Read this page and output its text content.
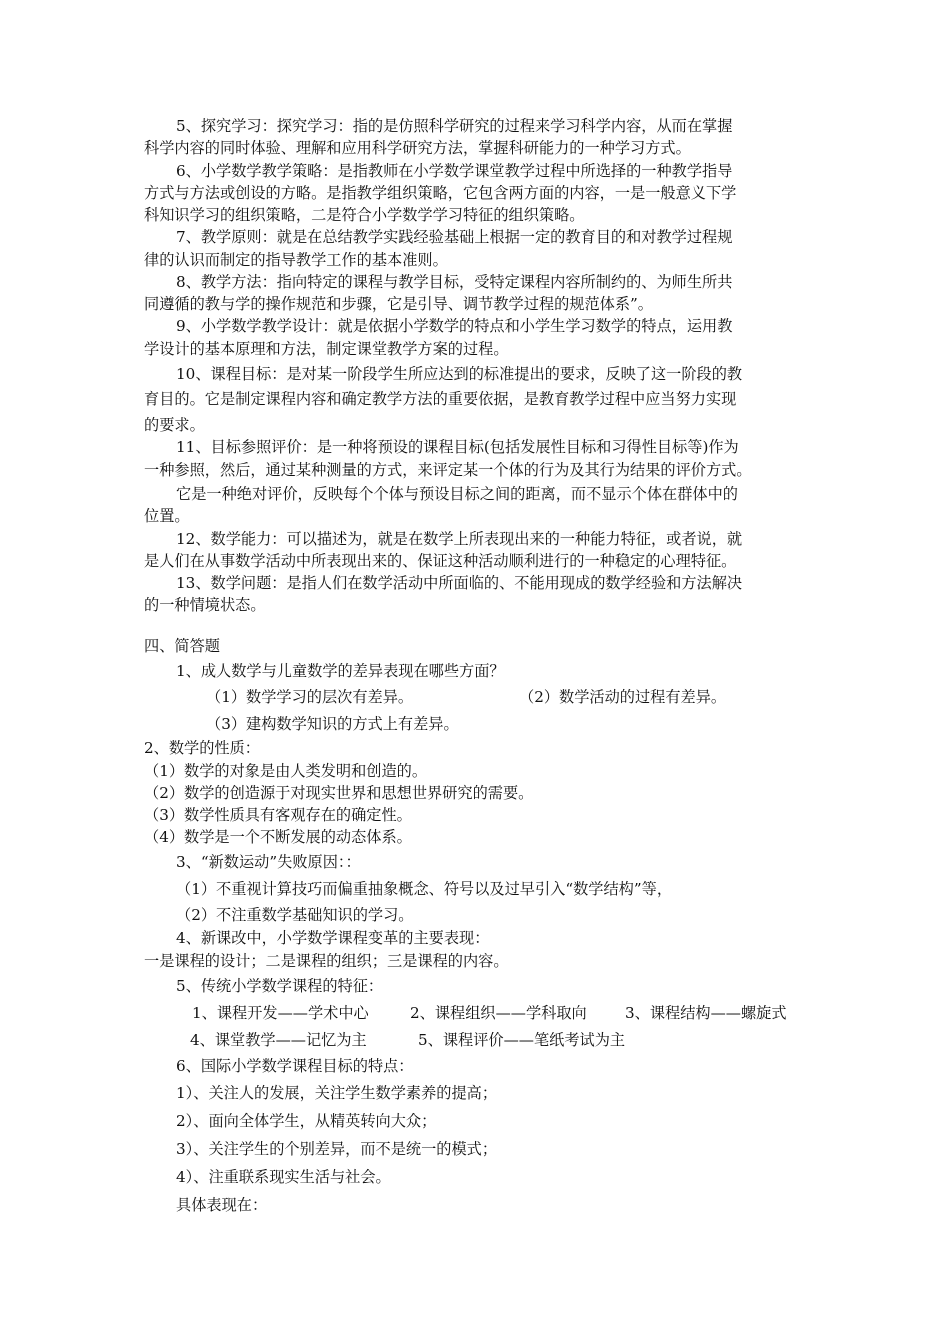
5、探究学习：探究学习：指的是仿照科学研究的过程来学习科学内容，从而在掌握
科学内容的同时体验、理解和应用科学研究方法，掌握科研能力的一种学习方式。
6、小学数学教学策略：是指教师在小学数学课堂教学过程中所选择的一种教学指导
方式与方法或创设的方略。是指教学组织策略，它包含两方面的内容，一是一般意义下学
科知识学习的组织策略，二是符合小学数学学习特征的组织策略。
7、教学原则：就是在总结教学实践经验基础上根据一定的教育目的和对教学过程规
律的认识而制定的指导教学工作的基本准则。
8、教学方法：指向特定的课程与教学目标，受特定课程内容所制约的、为师生所共
同遵循的教与学的操作规范和步骤，它是引导、调节教学过程的规范体系”。
9、小学数学教学设计：就是依据小学数学的特点和小学生学习数学的特点，运用教
学设计的基本原理和方法，制定课堂教学方案的过程。
10、课程目标：是对某一阶段学生所应达到的标准提出的要求，反映了这一阶段的教
育目的。它是制定课程内容和确定教学方法的重要依据，是教育教学过程中应当努力实现
的要求。
11、目标参照评价：是一种将预设的课程目标(包括发展性目标和习得性目标等)作为
一种参照，然后，通过某种测量的方式，来评定某一个体的行为及其行为结果的评价方式。
它是一种绝对评价，反映每个个体与预设目标之间的距离，而不显示个体在群体中的
位置。
12、数学能力：可以描述为，就是在数学上所表现出来的一种能力特征，或者说，就
是人们在从事数学活动中所表现出来的、保证这种活动顺利进行的一种稳定的心理特征。
13、数学问题：是指人们在数学活动中所面临的、不能用现成的数学经验和方法解决
的一种情境状态。
四、简答题
1、成人数学与儿童数学的差异表现在哪些方面？
（1）数学学习的层次有差异。	（2）数学活动的过程有差异。
（3）建构数学知识的方式上有差异。
2、数学的性质：
（1）数学的对象是由人类发明和创造的。
（2）数学的创造源于对现实世界和思想世界研究的需要。
（3）数学性质具有客观存在的确定性。
（4）数学是一个不断发展的动态体系。
3、“新数运动”失败原因：：
（1）不重视计算技巧而偏重抽象概念、符号以及过早引入“数学结构”等，
（2）不注重数学基础知识的学习。
4、新课改中，小学数学课程变革的主要表现：
一是课程的设计；二是课程的组织；三是课程的内容。
5、传统小学数学课程的特征：
1、课程开发——学术中心	2、课程组织——学科取向	3、课程结构——螺旋式
4、课堂教学——记忆为主	5、课程评价——笔纸考试为主
6、国际小学数学课程目标的特点：
1）、关注人的发展，关注学生数学素养的提高；
2）、面向全体学生，从精英转向大众；
3）、关注学生的个别差异，而不是统一的模式；
4）、注重联系现实生活与社会。
具体表现在：
